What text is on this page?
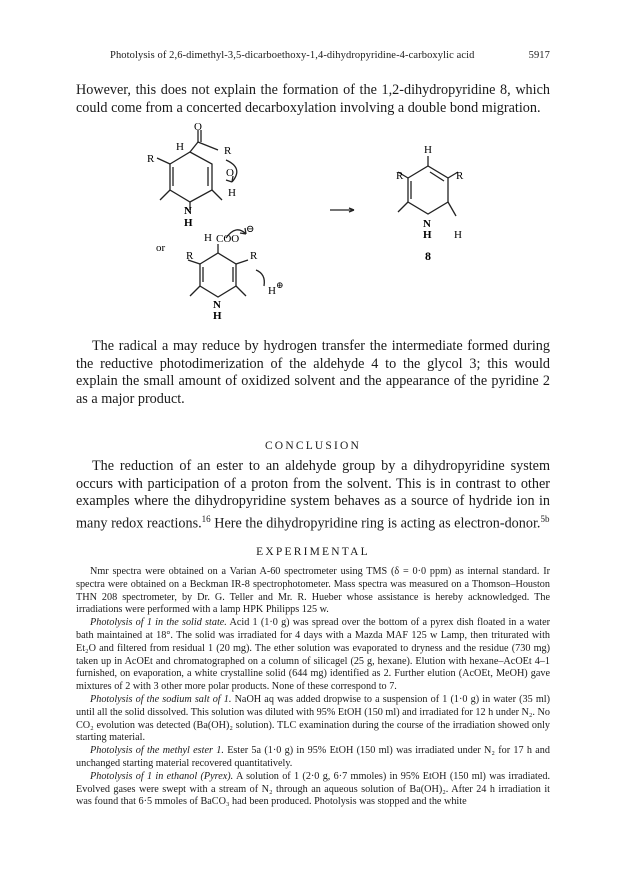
Photolysis of 2,6-dimethyl-3,5-dicarboethoxy-1,4-dihydropyridine-4-carboxylic acid	5917
However, this does not explain the formation of the 1,2-dihydropyridine 8, which could come from a concerted decarboxylation involving a double bond migration.
H
O
R
R
O
N
H
H
or
H COO
⊖
R	R
N
H
H ⊕
H
R	R
N
H H
8
The radical a may reduce by hydrogen transfer the intermediate formed during the reductive photodimerization of the aldehyde 4 to the glycol 3; this would explain the small amount of oxidized solvent and the appearance of the pyridine 2 as a major product.
CONCLUSION
The reduction of an ester to an aldehyde group by a dihydropyridine system occurs with participation of a proton from the solvent. This is in contrast to other examples where the dihydropyridine system behaves as a source of hydride ion in many redox reactions.$^{16}$ Here the dihydropyridine ring is acting as electron-donor.$^{5b}$
EXPERIMENTAL

Nmr spectra were obtained on a Varian A-60 spectrometer using TMS (δ = 0·0 ppm) as internal standard. Ir spectra were obtained on a Beckman IR-8 spectrophotometer. Mass spectra was measured on a Thomson–Houston THN 208 spectrometer, by Dr. G. Teller and Mr. R. Hueber whose assistance is hereby acknowledged. The irradiations were performed with a lamp HPK Philipps 125 w.

Photolysis of 1 in the solid state. Acid 1 (1·0 g) was spread over the bottom of a pyrex dish floated in a water bath maintained at 18°. The solid was irradiated for 4 days with a Mazda MAF 125 w Lamp, then triturated with Et₂O and filtered from residual 1 (20 mg). The ether solution was evaporated to dryness and the residue (730 mg) taken up in AcOEt and chromatographed on a column of silicagel (25 g, hexane). Elution with hexane–AcOEt 4–1 furnished, on evaporation, a white crystalline solid (644 mg) identified as 2. Further elution (AcOEt, MeOH) gave mixtures of 2 with 3 other more polar products. None of these correspond to 7.

Photolysis of the sodium salt of 1. NaOH aq was added dropwise to a suspension of 1 (1·0 g) in water (35 ml) until all the solid dissolved. This solution was diluted with 95% EtOH (150 ml) and irradiated for 12 h under N₂. No CO₂ evolution was detected (Ba(OH)₂ solution). TLC examination during the course of the irradiation showed only starting material.

Photolysis of the methyl ester 1. Ester 5a (1·0 g) in 95% EtOH (150 ml) was irradiated under N₂ for 17 h and unchanged starting material recovered quantitatively.

Photolysis of 1 in ethanol (Pyrex). A solution of 1 (2·0 g, 6·7 mmoles) in 95% EtOH (150 ml) was irradiated. Evolved gases were swept with a stream of N₂ through an aqueous solution of Ba(OH)₂. After 24 h irradiation it was found that 6·5 mmoles of BaCO₃ had been produced. Photolysis was stopped and the white
